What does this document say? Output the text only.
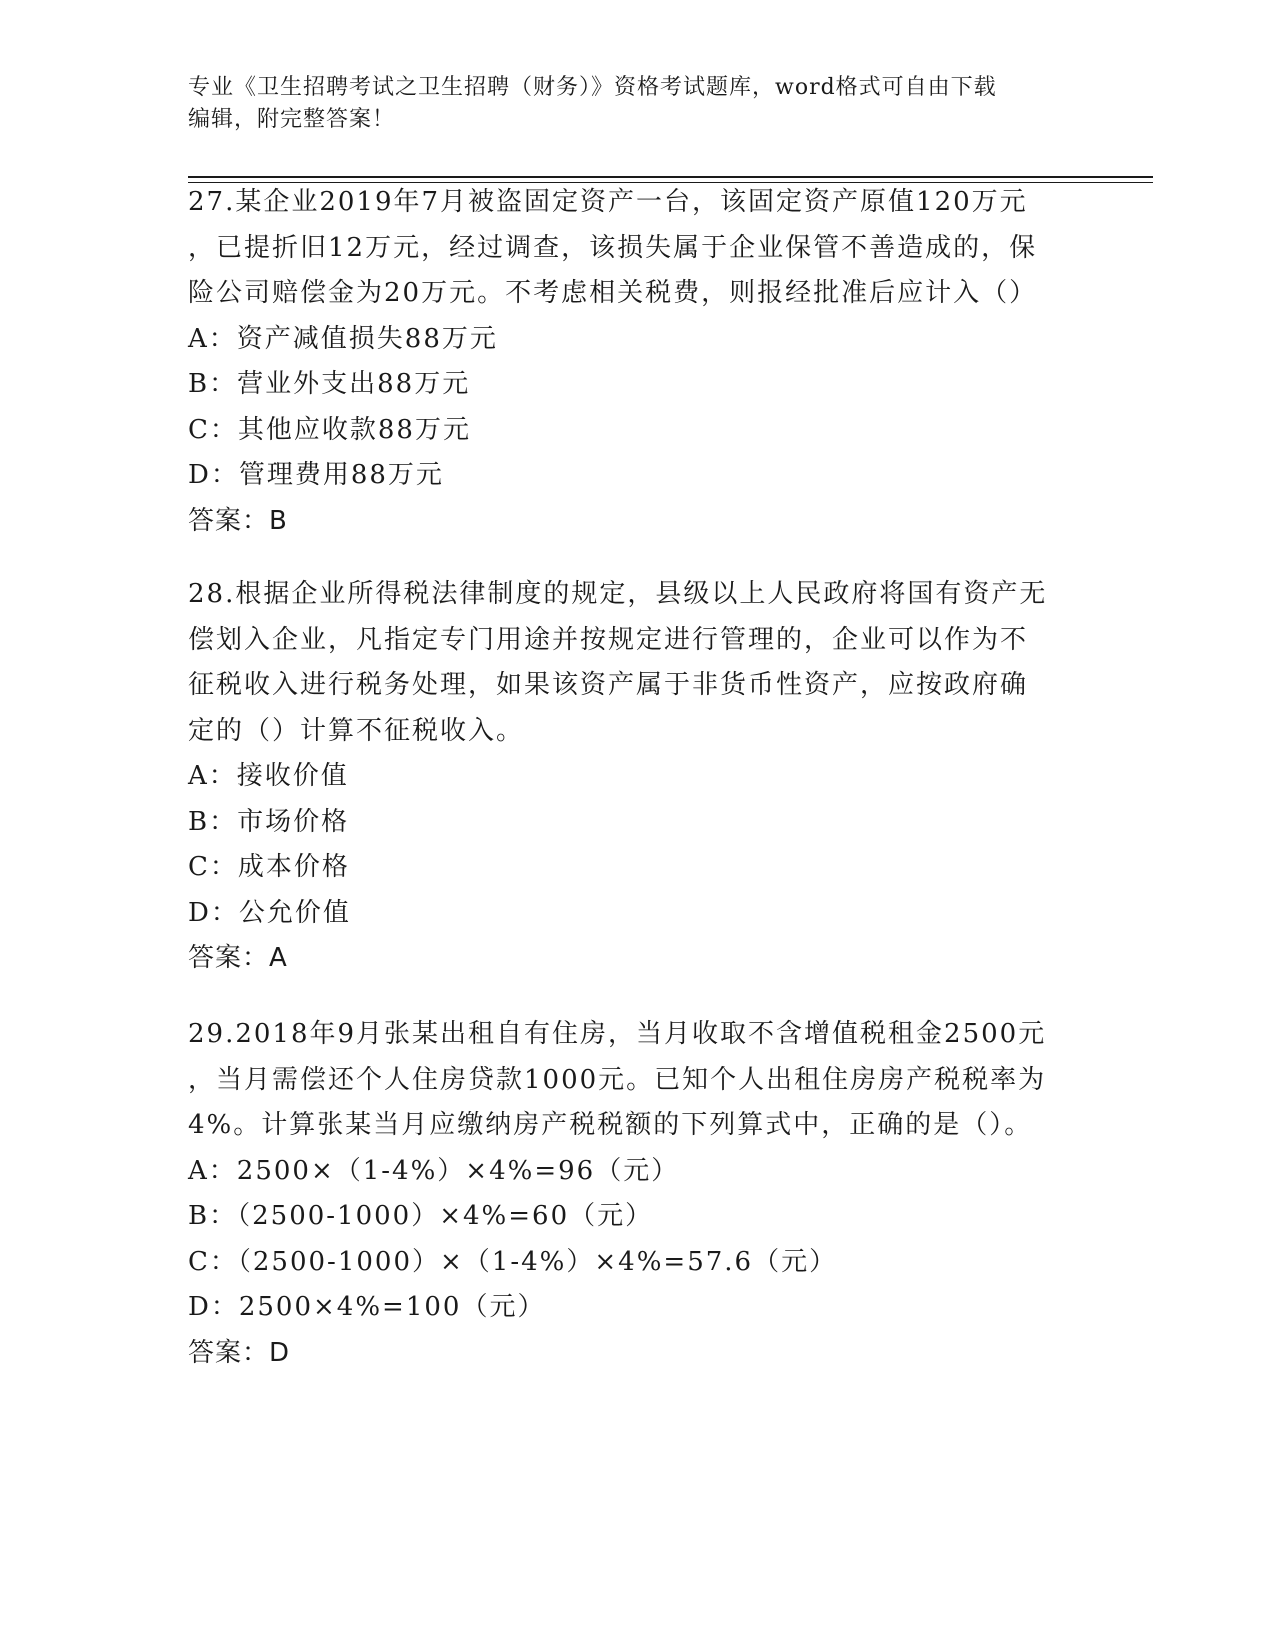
专业《卫生招聘考试之卫生招聘（财务）》资格考试题库，word格式可自由下载
编辑，附完整答案！
27.某企业2019年7月被盗固定资产一台，该固定资产原值120万元
，已提折旧12万元，经过调查，该损失属于企业保管不善造成的，保
险公司赔偿金为20万元。不考虑相关税费，则报经批准后应计入（）
A：资产减值损失88万元
B：营业外支出88万元
C：其他应收款88万元
D：管理费用88万元
答案：B
28.根据企业所得税法律制度的规定，县级以上人民政府将国有资产无
偿划入企业，凡指定专门用途并按规定进行管理的，企业可以作为不
征税收入进行税务处理，如果该资产属于非货币性资产，应按政府确
定的（）计算不征税收入。
A：接收价值
B：市场价格
C：成本价格
D：公允价值
答案：A
29.2018年9月张某出租自有住房，当月收取不含增值税租金2500元
，当月需偿还个人住房贷款1000元。已知个人出租住房房产税税率为
4%。计算张某当月应缴纳房产税税额的下列算式中，正确的是（）。
A：2500×（1-4%）×4%=96（元）
B：（2500-1000）×4%=60（元）
C：（2500-1000）×（1-4%）×4%=57.6（元）
D：2500×4%=100（元）
答案：D
